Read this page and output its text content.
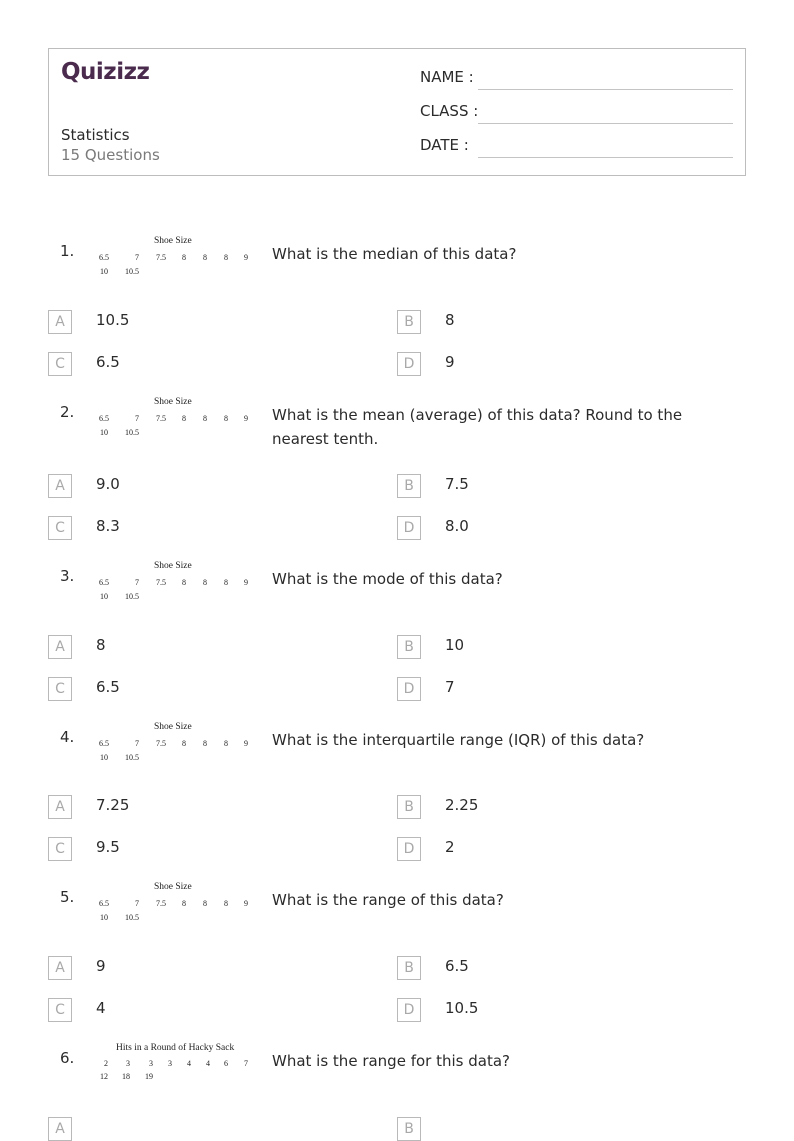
Quizizz
Statistics
15 Questions
NAME :
CLASS :
DATE :
1.
Shoe Size
6.5	7	7.5	8	8	8	9
10	10.5
What is the median of this data?
A	10.5	B	8
C	6.5	D	9
2.
Shoe Size
6.5	7	7.5	8	8	8	9
10	10.5
What is the mean (average) of this data? Round to the nearest tenth.
A	9.0	B	7.5
C	8.3	D	8.0
3.
Shoe Size
6.5	7	7.5	8	8	8	9
10	10.5
What is the mode of this data?
A	8	B	10
C	6.5	D	7
4.
Shoe Size
6.5	7	7.5	8	8	8	9
10	10.5
What is the interquartile range (IQR) of this data?
A	7.25	B	2.25
C	9.5	D	2
5.
Shoe Size
6.5	7	7.5	8	8	8	9
10	10.5
What is the range of this data?
A	9	B	6.5
C	4	D	10.5
6.
Hits in a Round of Hacky Sack
2	3	3	3	4	4	6	7
12	18	19
What is the range for this data?
A	B
